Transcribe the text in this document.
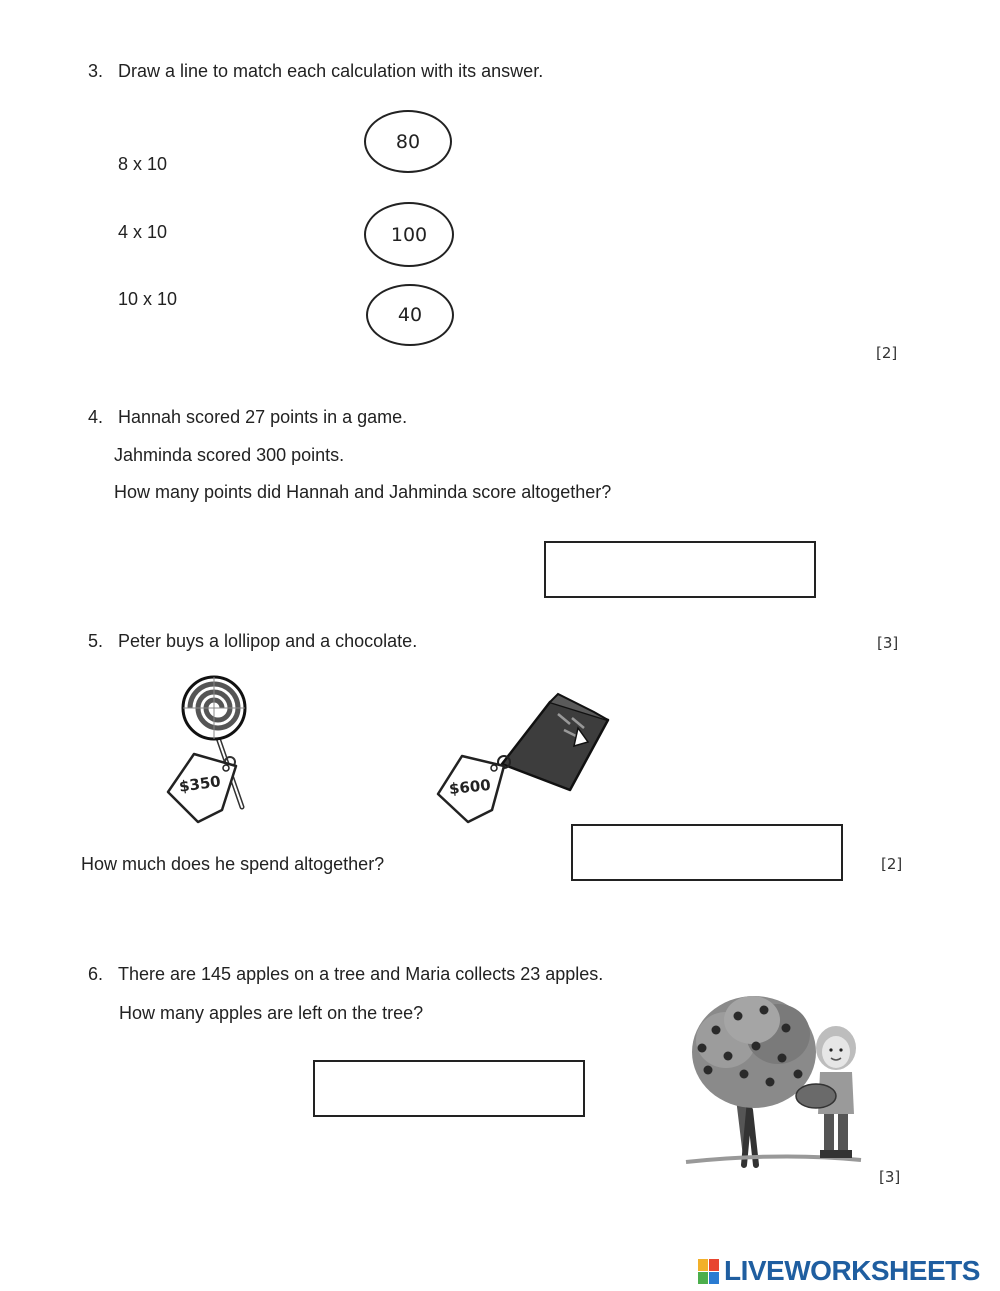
3. Draw a line to match each calculation with its answer.
8 x 10
4 x 10
10 x 10
80
100
40
[2]
4. Hannah scored 27 points in a game.
Jahminda scored 300 points.
How many points did Hannah and Jahminda score altogether?
5. Peter buys a lollipop and a chocolate.	[3]
$350	$600
How much does he spend altogether?	[2]
6. There are 145 apples on a tree and Maria collects 23 apples.
How many apples are left on the tree?
[3]
LIVEWORKSHEETS
